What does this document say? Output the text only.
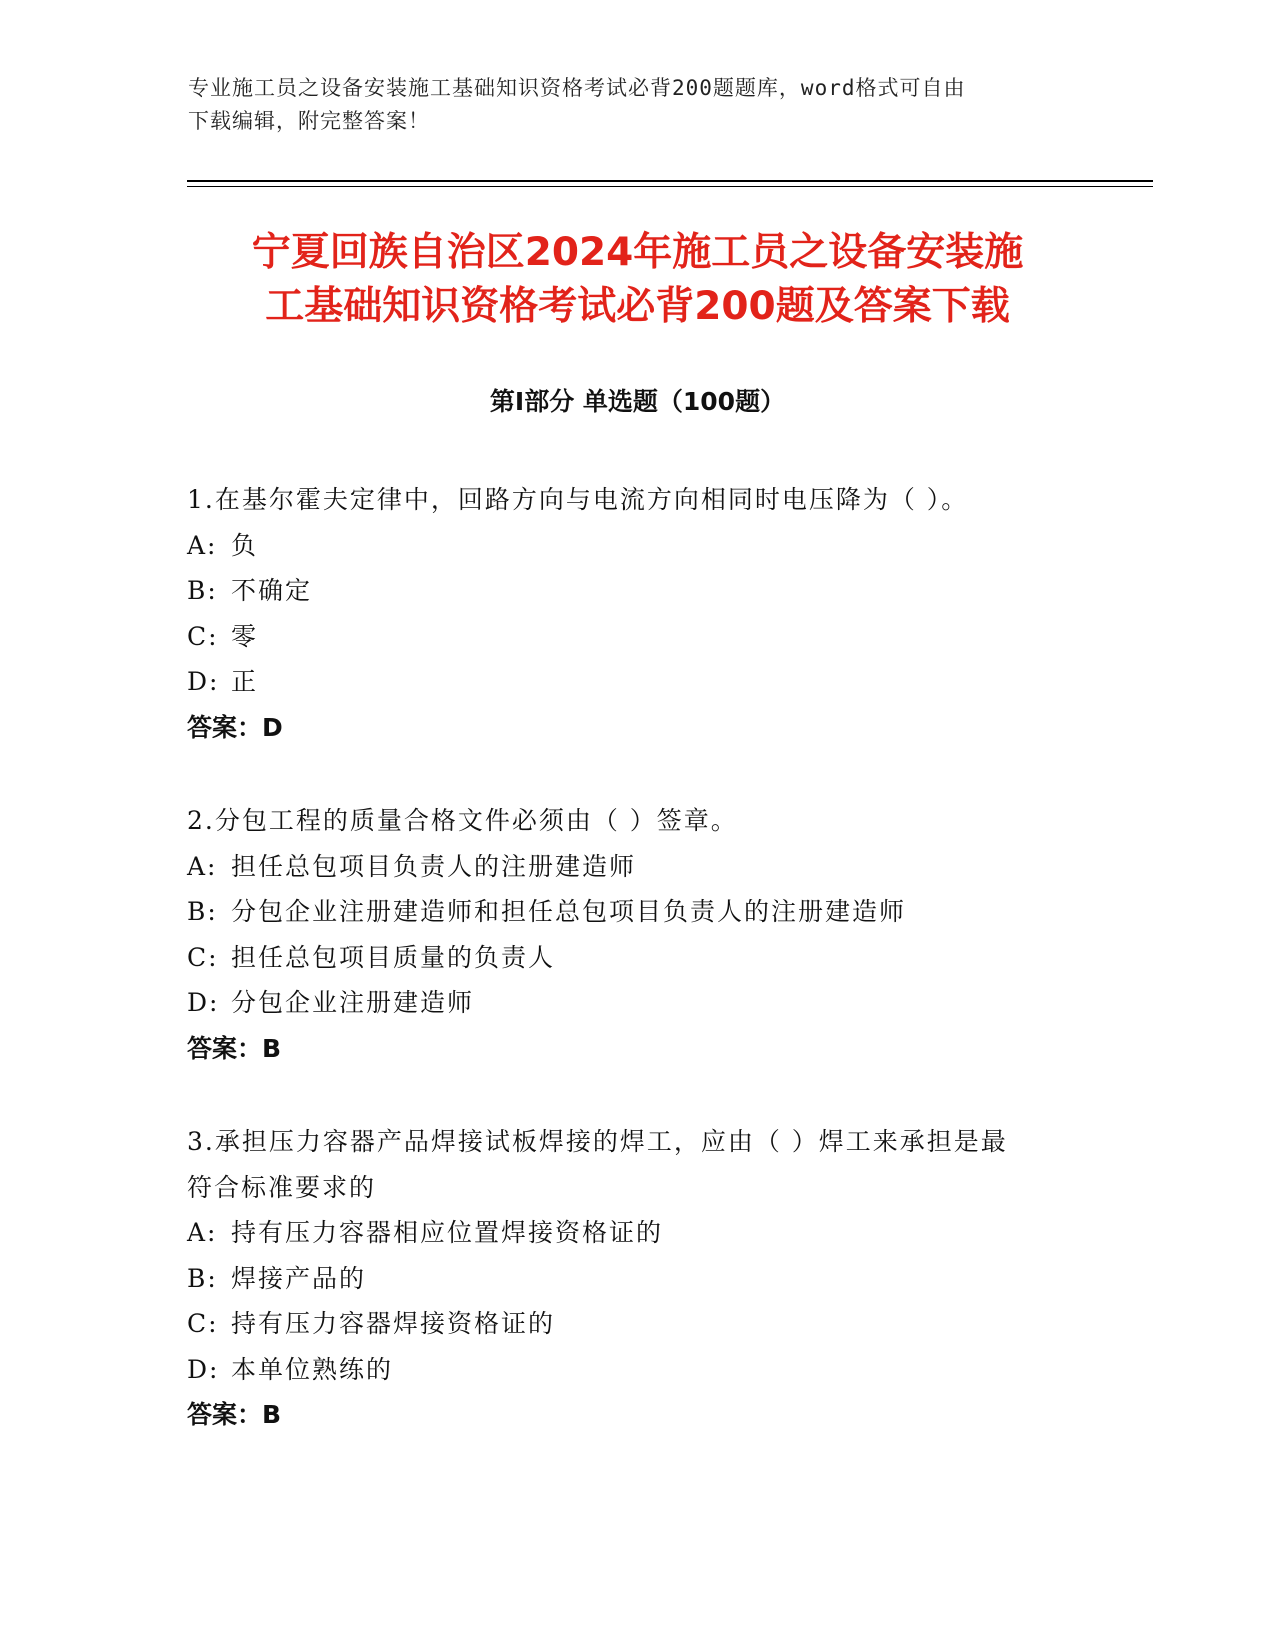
专业施工员之设备安装施工基础知识资格考试必背200题题库，word格式可自由
下载编辑，附完整答案！
宁夏回族自治区2024年施工员之设备安装施
工基础知识资格考试必背200题及答案下载
第Ⅰ部分 单选题（100题）

1.在基尔霍夫定律中，回路方向与电流方向相同时电压降为（ ）。

A: 负

B: 不确定

C: 零

D: 正

答案：D

2.分包工程的质量合格文件必须由（ ）签章。

A: 担任总包项目负责人的注册建造师

B: 分包企业注册建造师和担任总包项目负责人的注册建造师

C: 担任总包项目质量的负责人

D: 分包企业注册建造师

答案：B

3.承担压力容器产品焊接试板焊接的焊工，应由（ ）焊工来承担是最

符合标准要求的

A: 持有压力容器相应位置焊接资格证的

B: 焊接产品的

C: 持有压力容器焊接资格证的

D: 本单位熟练的

答案：B
